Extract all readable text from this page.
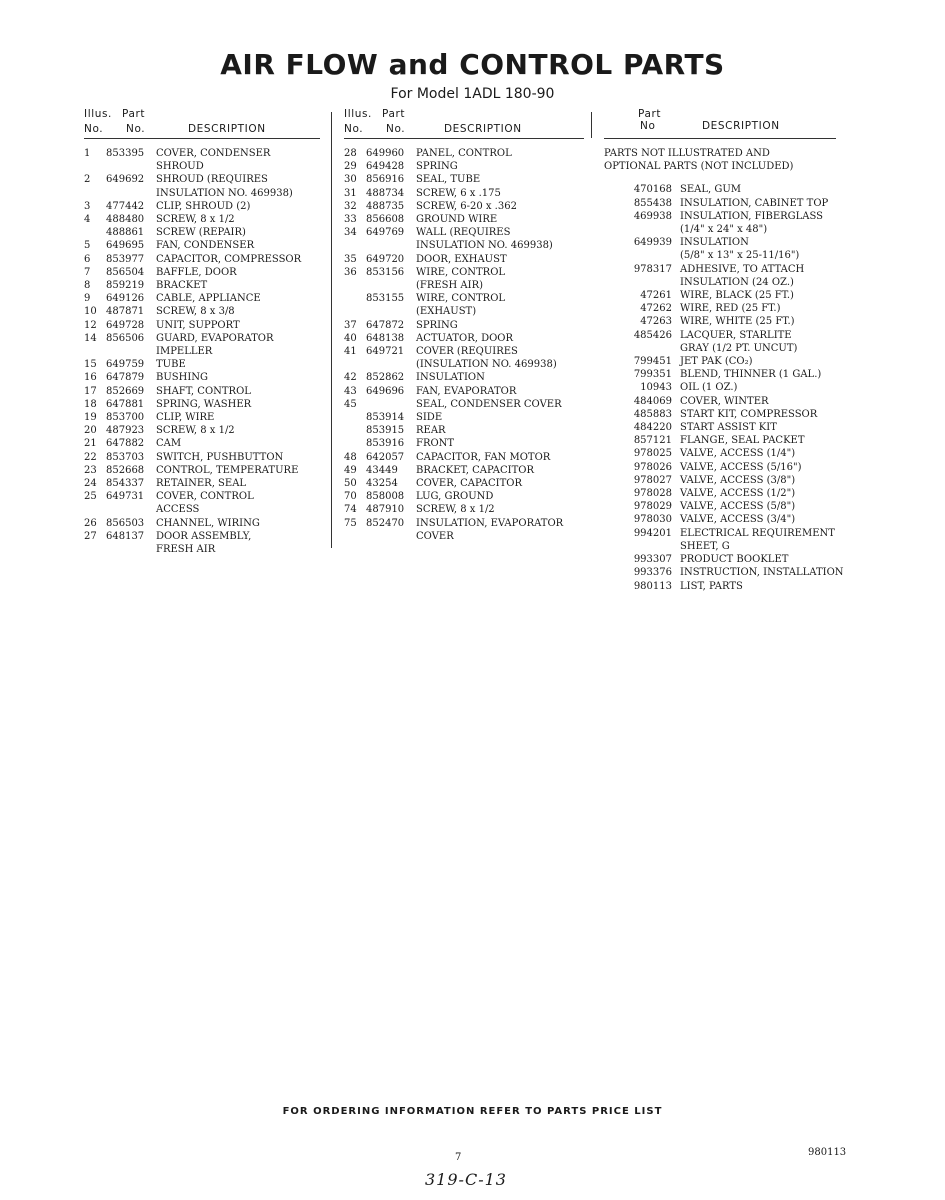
AIR FLOW and CONTROL PARTS
For Model 1ADL 180-90
Illus. Part
No. No.	DESCRIPTION
1	853395	COVER, CONDENSER
SHROUD
2	649692	SHROUD (REQUIRES
INSULATION NO. 469938)
3	477442	CLIP, SHROUD (2)
4	488480	SCREW, 8 x 1/2
488861	SCREW (REPAIR)
5	649695	FAN, CONDENSER
6	853977	CAPACITOR, COMPRESSOR
7	856504	BAFFLE, DOOR
8	859219	BRACKET
9	649126	CABLE, APPLIANCE
10 487871	SCREW, 8 x 3/8
12 649728	UNIT, SUPPORT
14 856506	GUARD, EVAPORATOR
IMPELLER
15 649759	TUBE
16 647879	BUSHING
17 852669	SHAFT, CONTROL
18 647881	SPRING, WASHER
19 853700	CLIP, WIRE
20 487923	SCREW, 8 x 1/2
21 647882	CAM
22 853703	SWITCH, PUSHBUTTON
23 852668	CONTROL, TEMPERATURE
24 854337	RETAINER, SEAL
25 649731	COVER, CONTROL
ACCESS
26 856503	CHANNEL, WIRING
27 648137	DOOR ASSEMBLY,
FRESH AIR
Illus. Part
No. No.	DESCRIPTION
28 649960	PANEL, CONTROL
29 649428	SPRING
30 856916	SEAL, TUBE
31 488734	SCREW, 6 x .175
32 488735	SCREW, 6-20 x .362
33 856608	GROUND WIRE
34 649769	WALL (REQUIRES
INSULATION NO. 469938)
35 649720	DOOR, EXHAUST
36 853156	WIRE, CONTROL
(FRESH AIR)
853155	WIRE, CONTROL
(EXHAUST)
37 647872	SPRING
40 648138	ACTUATOR, DOOR
41 649721	COVER (REQUIRES
(INSULATION NO. 469938)
42 852862	INSULATION
43 649696	FAN, EVAPORATOR
45	SEAL, CONDENSER COVER
853914	SIDE
853915	REAR
853916	FRONT
48 642057	CAPACITOR, FAN MOTOR
49 43449	BRACKET, CAPACITOR
50 43254	COVER, CAPACITOR
70 858008	LUG, GROUND
74 487910	SCREW, 8 x 1/2
75 852470	INSULATION, EVAPORATOR
COVER
Part
No	DESCRIPTION
PARTS NOT ILLUSTRATED AND
OPTIONAL PARTS (NOT INCLUDED)
470168 SEAL, GUM
855438 INSULATION, CABINET TOP
469938 INSULATION, FIBERGLASS
(1/4" x 24" x 48")
649939 INSULATION
(5/8" x 13" x 25-11/16")
978317 ADHESIVE, TO ATTACH
INSULATION (24 OZ.)
47261 WIRE, BLACK (25 FT.)
47262 WIRE, RED (25 FT.)
47263 WIRE, WHITE (25 FT.)
485426 LACQUER, STARLITE
GRAY (1/2 PT. UNCUT)
799451 JET PAK (CO₂)
799351 BLEND, THINNER (1 GAL.)
10943 OIL (1 OZ.)
484069 COVER, WINTER
485883 START KIT, COMPRESSOR
484220 START ASSIST KIT
857121 FLANGE, SEAL PACKET
978025 VALVE, ACCESS (1/4")
978026 VALVE, ACCESS (5/16")
978027 VALVE, ACCESS (3/8")
978028 VALVE, ACCESS (1/2")
978029 VALVE, ACCESS (5/8")
978030 VALVE, ACCESS (3/4")
994201 ELECTRICAL REQUIREMENT
SHEET, G
993307 PRODUCT BOOKLET
993376 INSTRUCTION, INSTALLATION
980113 LIST, PARTS
FOR ORDERING INFORMATION REFER TO PARTS PRICE LIST
7	980113
319-C-13
